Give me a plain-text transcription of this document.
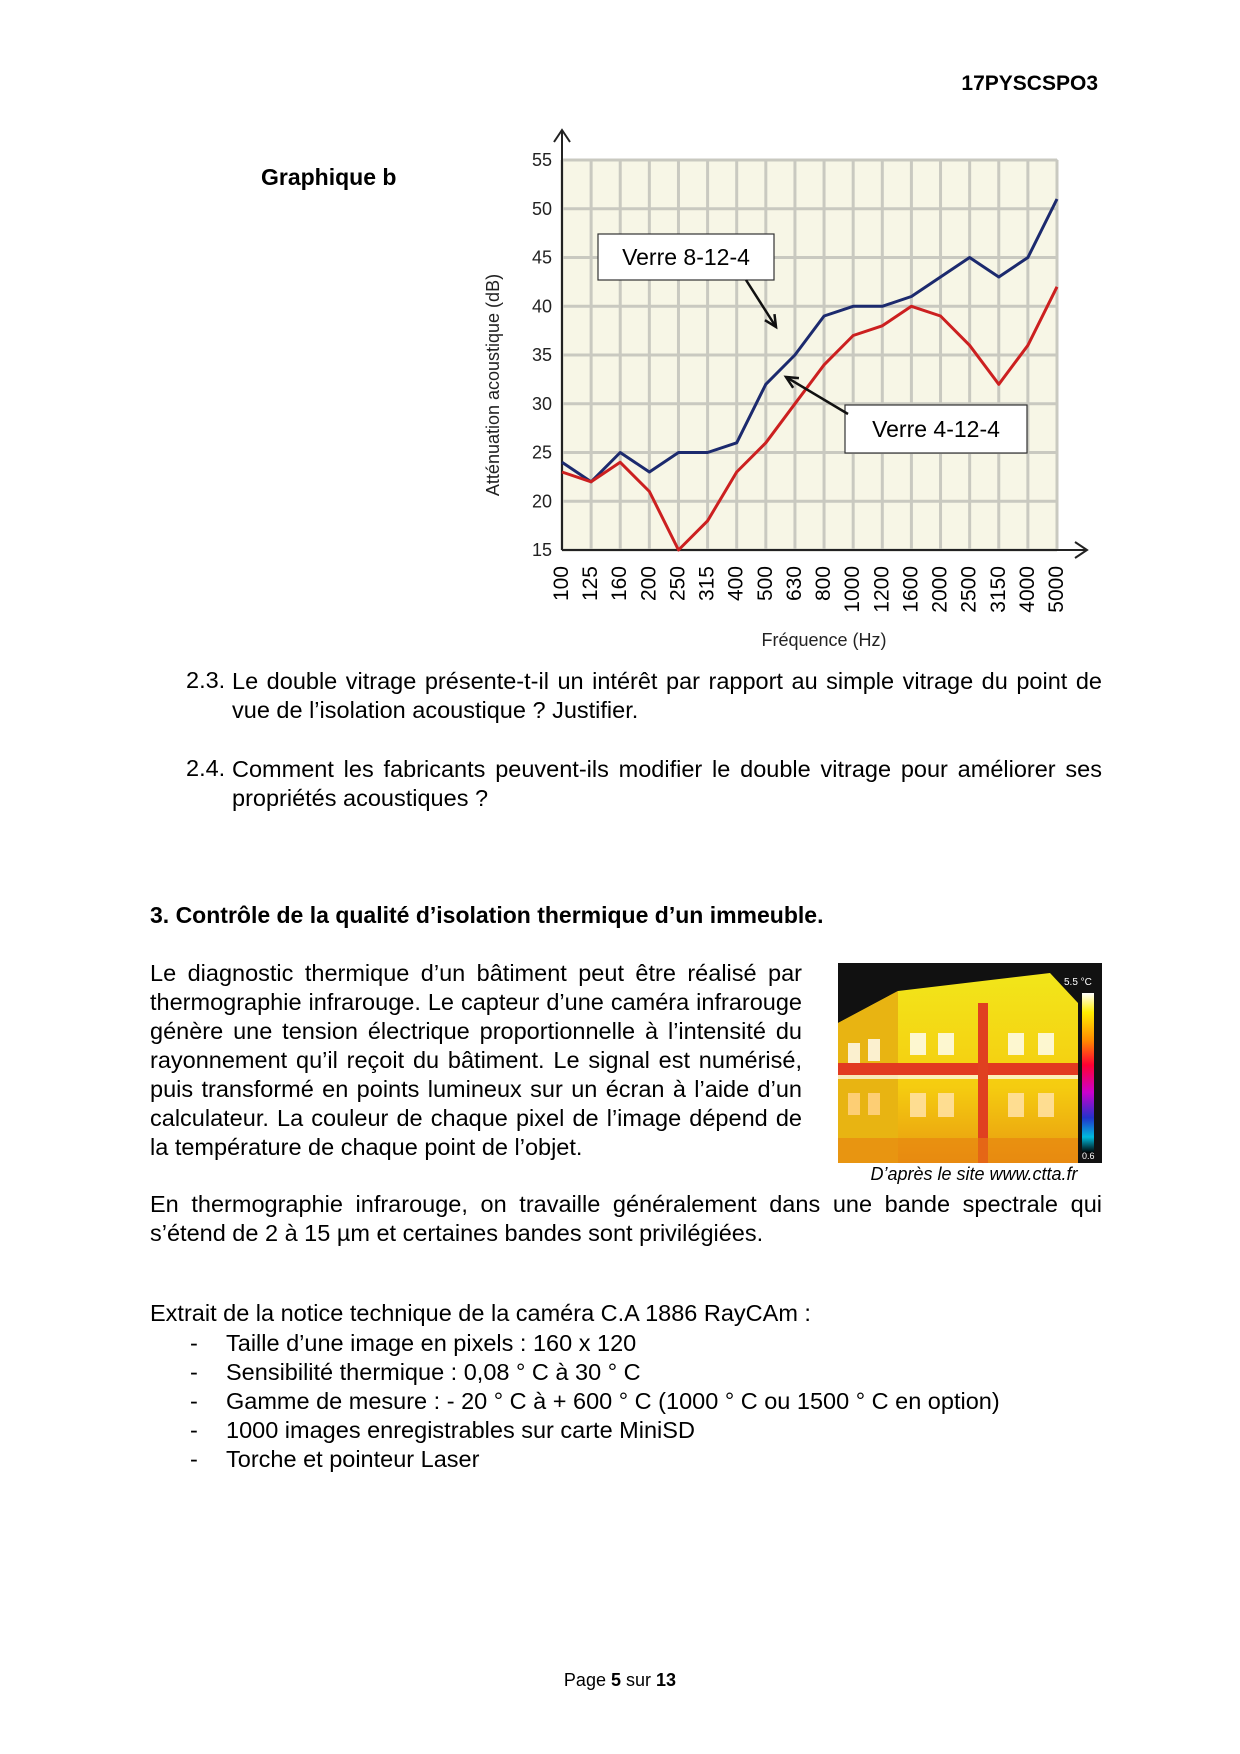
17PYSCSPO3
Graphique b
15
20
25
30
35
40
45
50
55
100 125 160 200 250 315 400 500 630 800 1000 1200 1600 2000 2500 3150 4000 5000
Verre 8-12-4
Verre 4-12-4
Atténuation acoustique (dB)
Fréquence (Hz)
2.3. Le double vitrage présente-t-il un intérêt par rapport au simple vitrage du point de vue de l’isolation acoustique ? Justifier.
2.4. Comment les fabricants peuvent-ils modifier le double vitrage pour améliorer ses propriétés acoustiques ?
3. Contrôle de la qualité d’isolation thermique d’un immeuble.
Le diagnostic thermique d’un bâtiment peut être réalisé par thermographie infrarouge. Le capteur d’une caméra infrarouge génère une tension électrique proportionnelle à l’intensité du rayonnement qu’il reçoit du bâtiment. Le signal est numérisé, puis transformé en points lumineux sur un écran à l’aide d’un calculateur. La couleur de chaque pixel de l’image dépend de la température de chaque point de l’objet.
5.5 °C
0.6
D’après le site www.ctta.fr
En thermographie infrarouge, on travaille généralement dans une bande spectrale qui s’étend de 2 à 15 µm et certaines bandes sont privilégiées.
Extrait de la notice technique de la caméra C.A 1886 RayCAm :
- Taille d’une image en pixels : 160 x 120
- Sensibilité thermique : 0,08 ° C à 30 ° C
- Gamme de mesure : - 20 ° C à + 600 ° C (1000 ° C ou 1500 ° C en option)
- 1000 images enregistrables sur carte MiniSD
- Torche et pointeur Laser
Page 5 sur 13
